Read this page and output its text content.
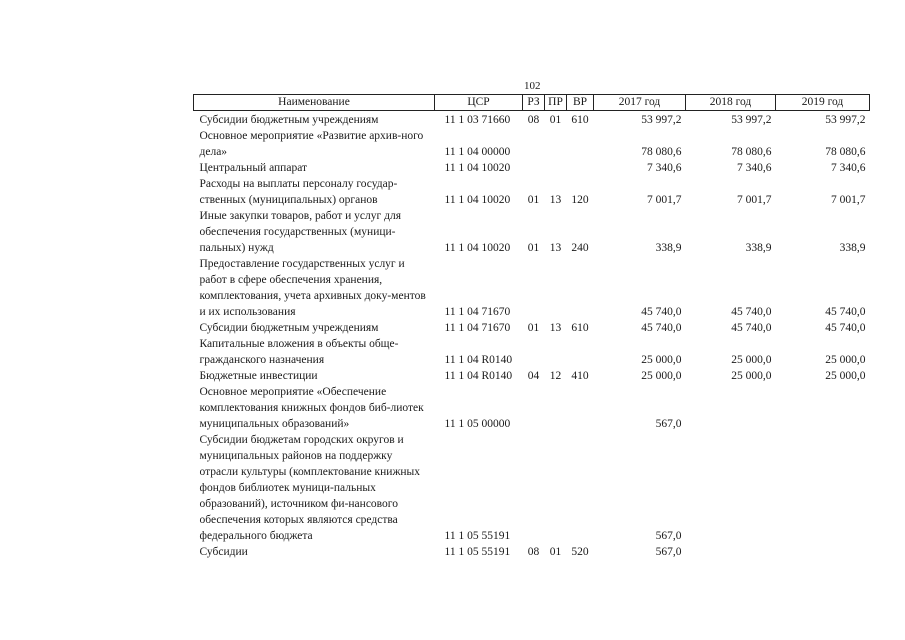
102
Наименование	ЦСР	РЗ	ПР	ВР	2017 год	2018 год	2019 год
Субсидии бюджетным учреждениям	11 1 03 71660	08	01	610	53 997,2	53 997,2	53 997,2
Основное мероприятие «Развитие архив-ного дела»	11 1 04 00000				78 080,6	78 080,6	78 080,6
Центральный аппарат	11 1 04 10020				7 340,6	7 340,6	7 340,6
Расходы на выплаты персоналу государ-ственных (муниципальных) органов	11 1 04 10020	01	13	120	7 001,7	7 001,7	7 001,7
Иные закупки товаров, работ и услуг для обеспечения государственных (муници-пальных) нужд	11 1 04 10020	01	13	240	338,9	338,9	338,9
Предоставление государственных услуг и работ в сфере обеспечения хранения, комплектования, учета архивных доку-ментов и их использования	11 1 04 71670				45 740,0	45 740,0	45 740,0
Субсидии бюджетным учреждениям	11 1 04 71670	01	13	610	45 740,0	45 740,0	45 740,0
Капитальные вложения в объекты обще-гражданского назначения	11 1 04 R0140				25 000,0	25 000,0	25 000,0
Бюджетные инвестиции	11 1 04 R0140	04	12	410	25 000,0	25 000,0	25 000,0
Основное мероприятие «Обеспечение комплектования книжных фондов биб-лиотек муниципальных образований»	11 1 05 00000				567,0		
Субсидии бюджетам городских округов и муниципальных районов на поддержку отрасли культуры (комплектование книжных фондов библиотек муници-пальных образований), источником фи-нансового обеспечения которых являются средства федерального бюджета	11 1 05 55191				567,0		
Субсидии	11 1 05 55191	08	01	520	567,0		
